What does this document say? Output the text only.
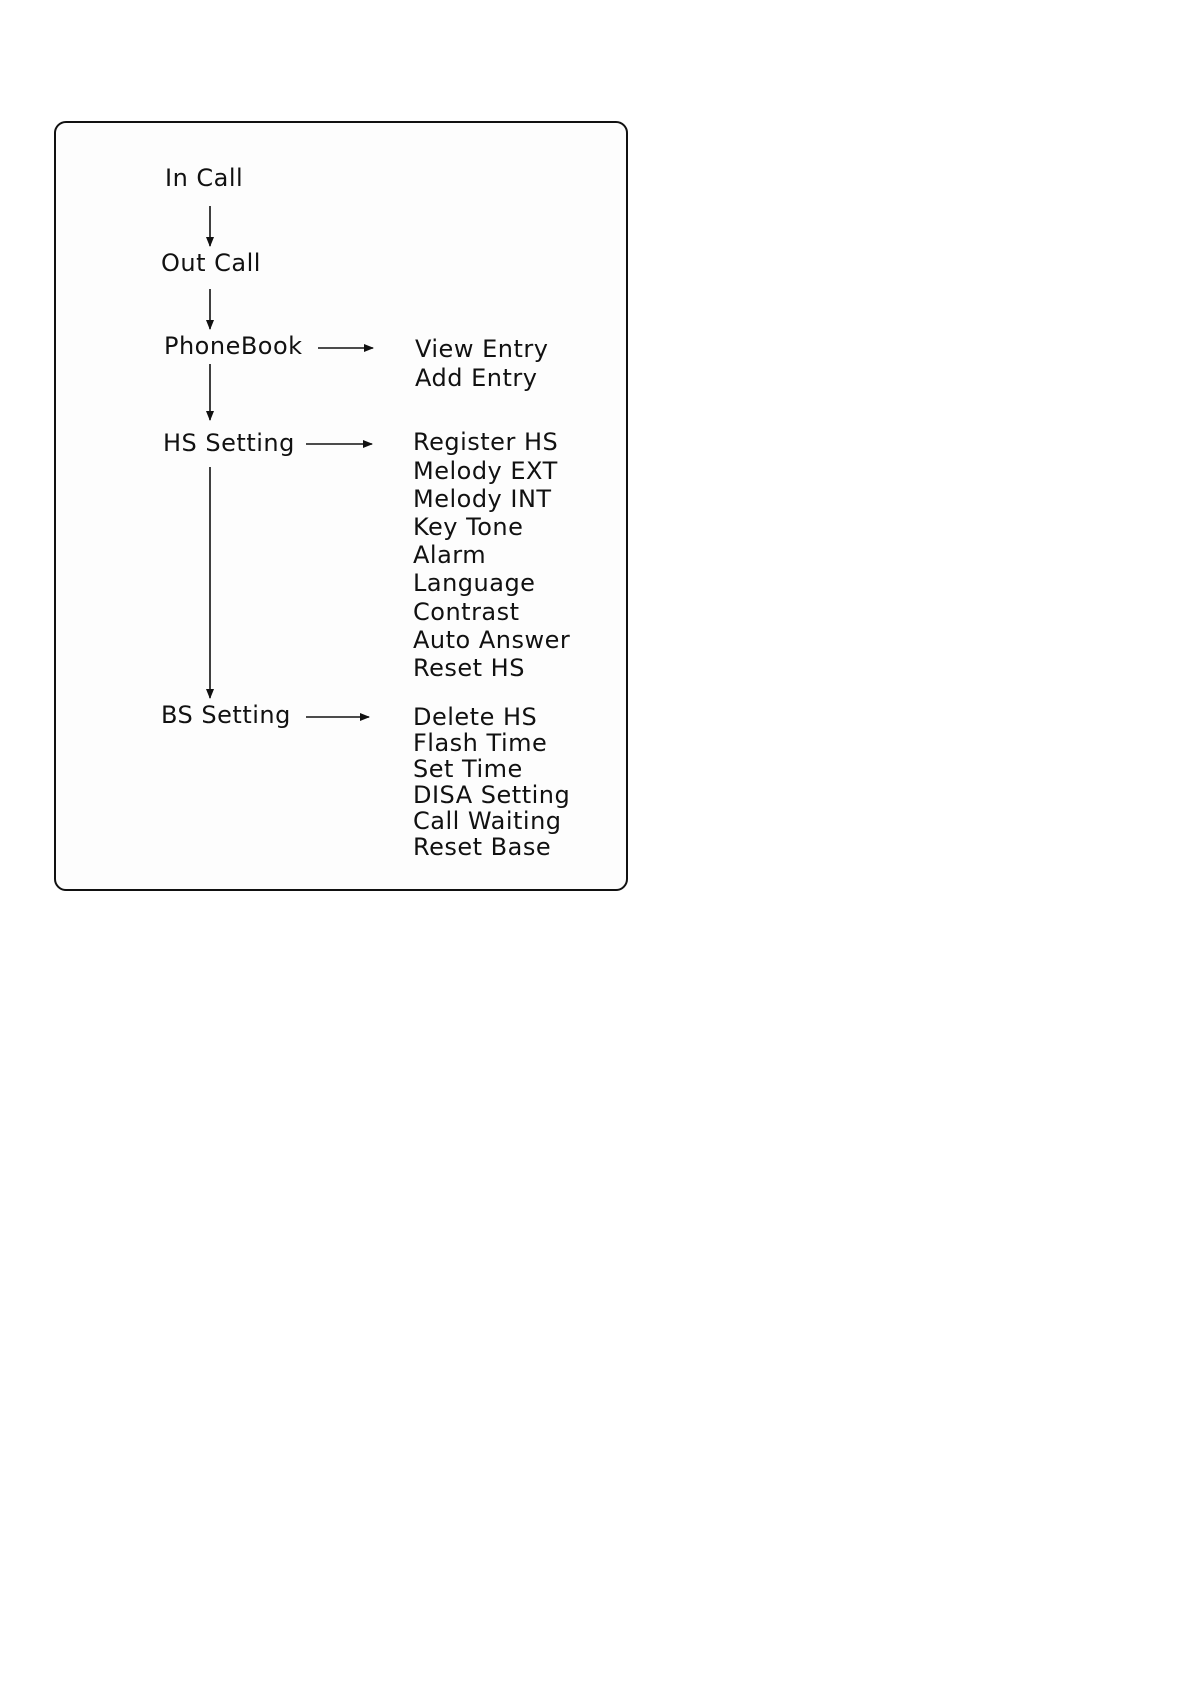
In Call
Out Call
PhoneBook
HS Setting
BS Setting
View Entry
Add Entry
Register HS
Melody EXT
Melody INT
Key Tone
Alarm
Language
Contrast
Auto Answer
Reset HS
Delete HS
Flash Time
Set Time
DISA Setting
Call Waiting
Reset Base
